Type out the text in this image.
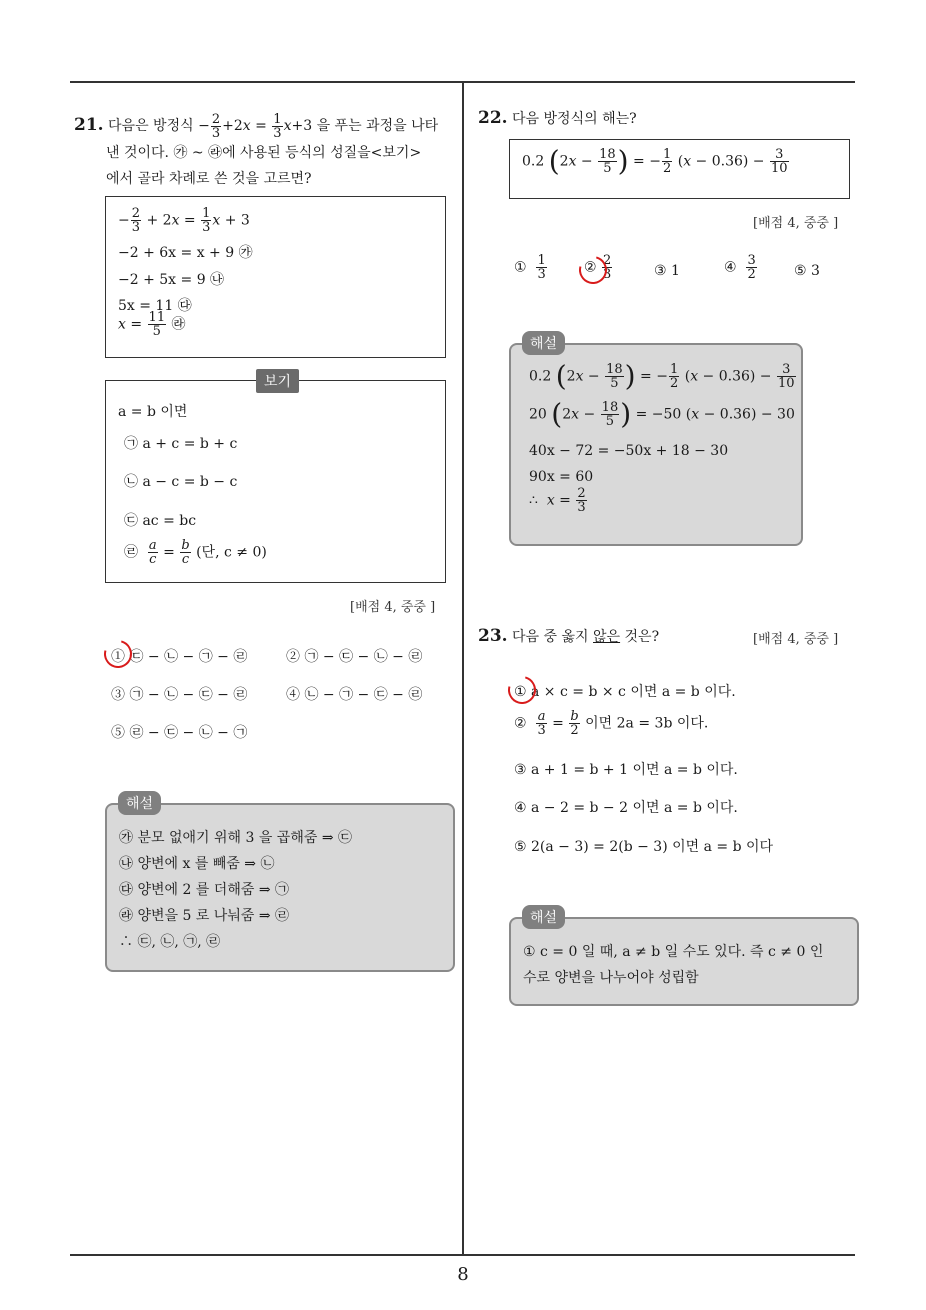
8
21. 다음은 방정식 − $\frac{2}{3} +2x = \frac{1}{3} x+3$ 을 푸는 과정을 나타
낸 것이다. ㉮ ~ ㉱에 사용된 등식의 성질을<보기>
에서 골라 차례로 쓴 것을 고르면?
− $\frac{2}{3} + 2x = \frac{1}{3}$ x + 3
−2 + 6x = x + 9 ㉮
−2 + 5x = 9 ㉯
5x = 11 ㉰
$x = \frac{11}{5}$ ㉱
a = b 이면
㉠ a + c = b + c
㉡ a − c = b − c
㉢ ac = bc
㉣ $\frac{a}{c} = \frac{b}{c}$ (단, c ≠ 0)
보기
[배점 4, 중중 ]
① ㉢ − ㉡ − ㉠ − ㉣	② ㉠ − ㉢ − ㉡ − ㉣
③ ㉠ − ㉡ − ㉢ − ㉣	④ ㉡ − ㉠ − ㉢ − ㉣
⑤ ㉣ − ㉢ − ㉡ − ㉠
㉮ 분모 없애기 위해 3 을 곱해줌 ⇒ ㉢
㉯ 양변에 x 를 빼줌 ⇒ ㉡
㉰ 양변에 2 를 더해줌 ⇒ ㉠
㉱ 양변을 5 로 나눠줌 ⇒ ㉣
∴ ㉢, ㉡, ㉠, ㉣
해설
22. 다음 방정식의 해는?
0.2 ($2x - \frac{18}{5}$ ) = − $\frac{1}{2} (x - 0.36) - \frac{3}{10}$
[배점 4, 중중 ]
① $\frac{1}{3}$	② $\frac{2}{3}$	③ 1	④ $\frac{3}{2}$	⑤ 3
0.2 ($2x - \frac{18}{5}$ ) = − $\frac{1}{2} (x - 0.36) - \frac{3}{10}$
20 ($2x - \frac{18}{5}$ ) = −50 (x − 0.36) − 30
40x − 72 = −50x + 18 − 30
90x = 60
∴  $x = \frac{2}{3}$
해설
23. 다음 중 옳지 않은 것은?	[배점 4, 중중 ]
① a × c = b × c 이면 a = b 이다.
② $\frac{a}{3} = \frac{b}{2}$ 이면 2a = 3b 이다.
③ a + 1 = b + 1 이면 a = b 이다.
④ a − 2 = b − 2 이면 a = b 이다.
⑤ 2(a − 3) = 2(b − 3) 이면 a = b 이다
① c = 0 일 때, a ≠ b 일 수도 있다. 즉 c ≠ 0 인
수로 양변을 나누어야 성립함
해설
